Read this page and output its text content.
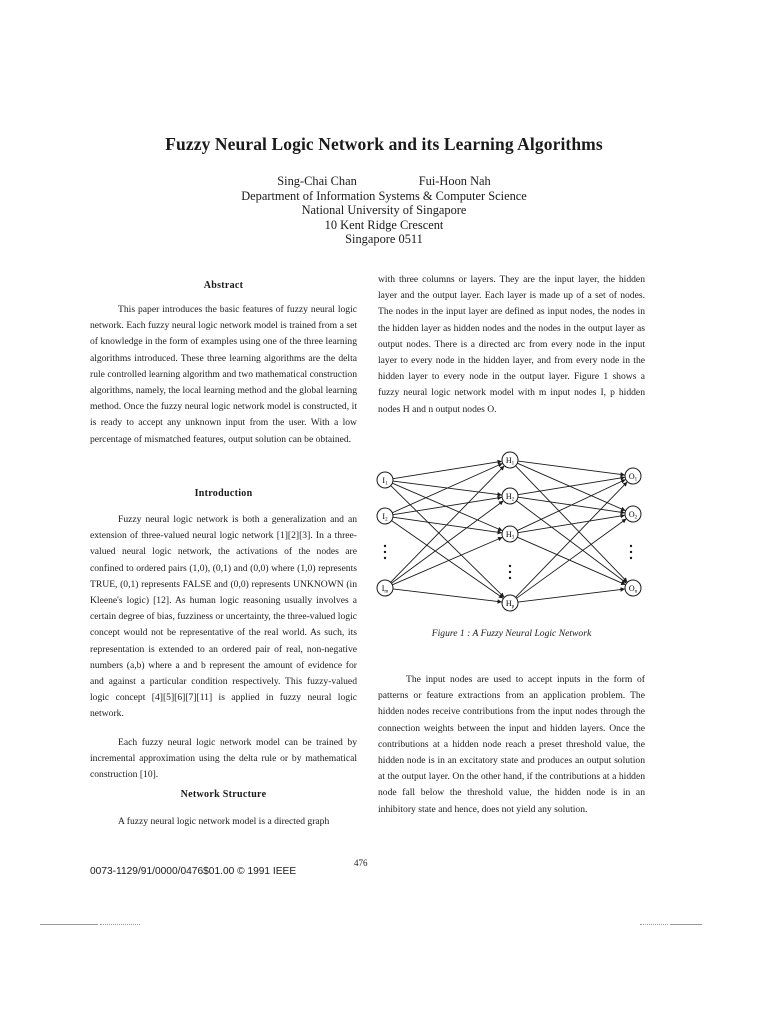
Fuzzy Neural Logic Network and its Learning Algorithms
Sing-Chai Chan	Fui-Hoon Nah
Department of Information Systems & Computer Science
National University of Singapore
10 Kent Ridge Crescent
Singapore 0511
Abstract

This paper introduces the basic features of fuzzy neural logic network. Each fuzzy neural logic network model is trained from a set of knowledge in the form of examples using one of the three learning algorithms introduced. These three learning algorithms are the delta rule controlled learning algorithm and two mathematical construction algorithms, namely, the local learning method and the global learning method. Once the fuzzy neural logic network model is constructed, it is ready to accept any unknown input from the user. With a low percentage of mismatched features, output solution can be obtained.

Introduction

Fuzzy neural logic network is both a generalization and an extension of three-valued neural logic network [1][2][3]. In a three-valued neural logic network, the activations of the nodes are confined to ordered pairs (1,0), (0,1) and (0,0) where (1,0) represents TRUE, (0,1) represents FALSE and (0,0) represents UNKNOWN (in Kleene's logic) [12]. As human logic reasoning usually involves a certain degree of bias, fuzziness or uncertainty, the three-valued logic concept would not be representative of the real world. As such, its representation is extended to an ordered pair of real, non-negative numbers (a,b) where a and b represent the amount of evidence for and against a particular condition respectively. This fuzzy-valued logic concept [4][5][6][7][11] is applied in fuzzy neural logic network.

Each fuzzy neural logic network model can be trained by incremental approximation using the delta rule or by mathematical construction [10].

Network Structure

A fuzzy neural logic network model is a directed graph

with three columns or layers. They are the input layer, the hidden layer and the output layer. Each layer is made up of a set of nodes. The nodes in the input layer are defined as input nodes, the nodes in the hidden layer as hidden nodes and the nodes in the output layer as output nodes. There is a directed arc from every node in the input layer to every node in the hidden layer, and from every node in the hidden layer to every node in the output layer. Figure 1 shows a fuzzy neural logic network model with m input nodes I, p hidden nodes H and n output nodes O.

I1
I2
Im
H1
H2
H3
Hp
O1
O2
On
Figure 1 : A Fuzzy Neural Logic Network

The input nodes are used to accept inputs in the form of patterns or feature extractions from an application problem. The hidden nodes receive contributions from the input nodes through the connection weights between the input and hidden layers. Once the contributions at a hidden node reach a preset threshold value, the hidden node is in an excitatory state and produces an output solution at the output layer. On the other hand, if the contributions at a hidden node fall below the threshold value, the hidden node is in an inhibitory state and hence, does not yield any solution.

476
0073-1129/91/0000/0476$01.00 © 1991 IEEE
